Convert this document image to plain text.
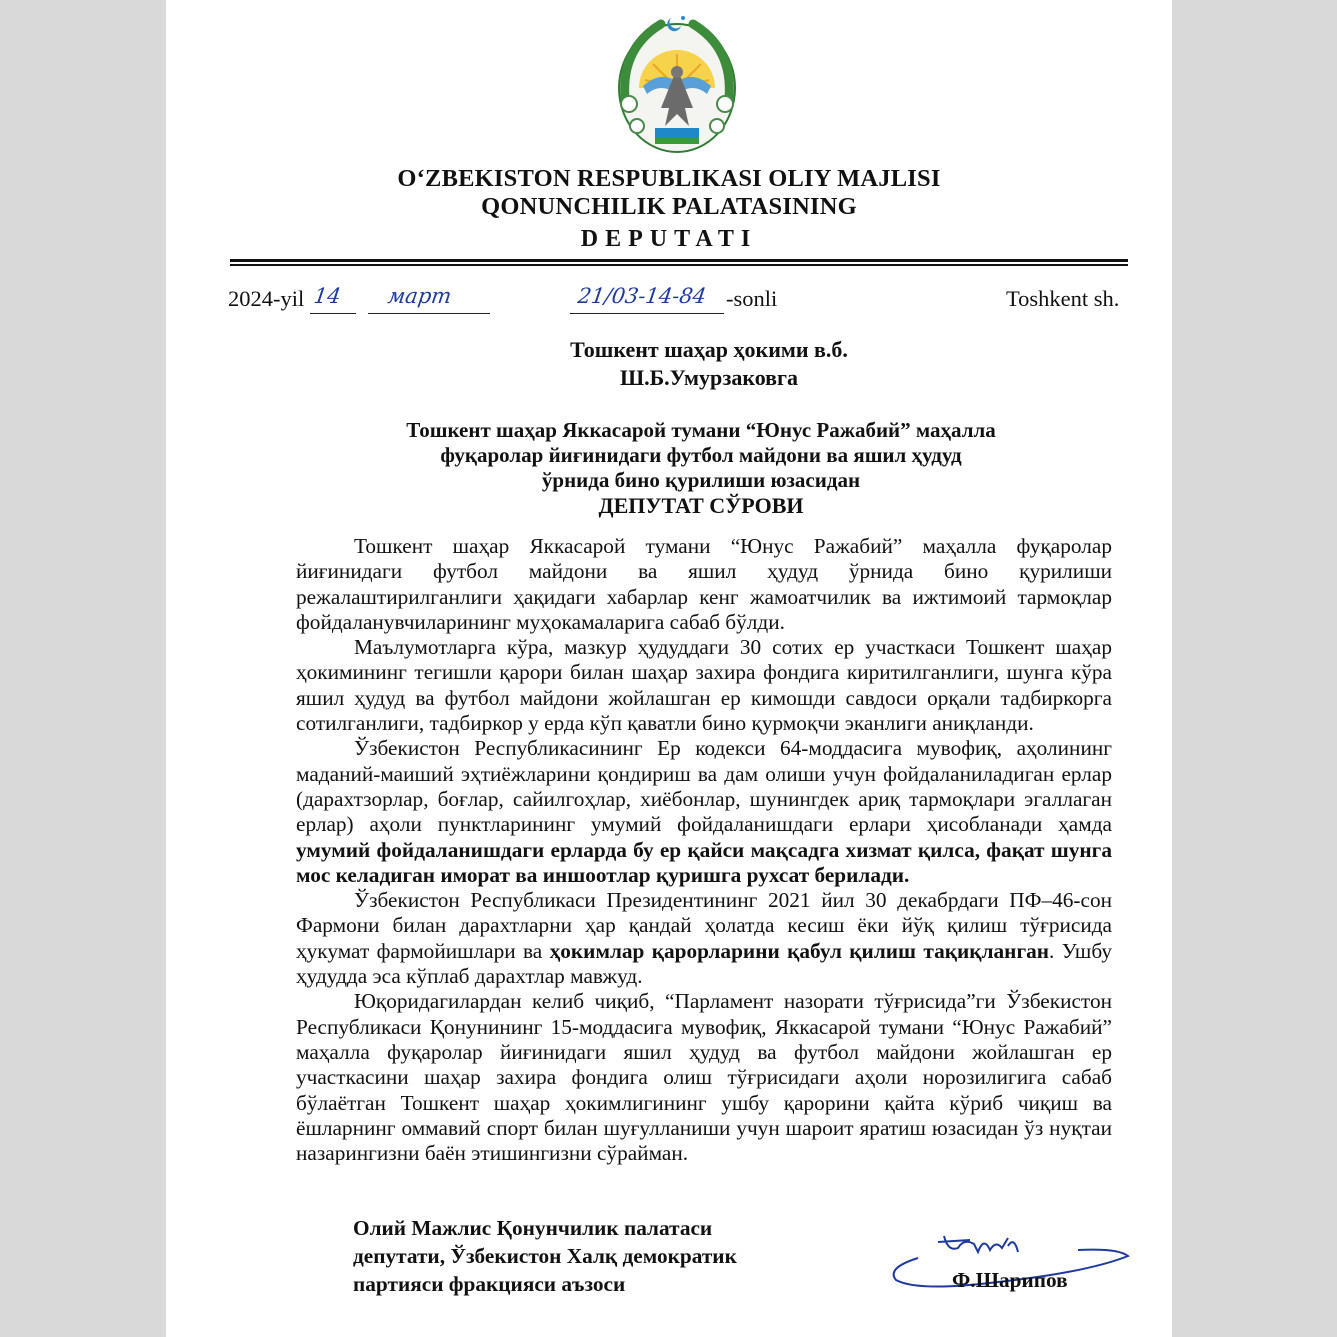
O‘ZBEKISTON RESPUBLIKASI OLIY MAJLISI
QONUNCHILIK PALATASINING
DEPUTATI
2024-yil 14 март	21/03-14-84 -sonli	Toshkent sh.
Тошкент шаҳар ҳокими в.б.
Ш.Б.Умурзаковга
Тошкент шаҳар Яккасарой тумани “Юнус Ражабий” маҳалла
фуқаролар йиғинидаги футбол майдони ва яшил ҳудуд
ўрнида бино қурилиши юзасидан
ДЕПУТАТ СЎРОВИ

Тошкент шаҳар Яккасарой тумани “Юнус Ражабий” маҳалла фуқаролар йиғинидаги футбол майдони ва яшил ҳудуд ўрнида бино қурилиши режалаштирилганлиги ҳақидаги хабарлар кенг жамоатчилик ва ижтимоий тармоқлар фойдаланувчиларининг муҳокамаларига сабаб бўлди.

Маълумотларга кўра, мазкур ҳудуддаги 30 сотих ер участкаси Тошкент шаҳар ҳокимининг тегишли қарори билан шаҳар захира фондига киритилганлиги, шунга кўра яшил ҳудуд ва футбол майдони жойлашган ер кимошди савдоси орқали тадбиркорга сотилганлиги, тадбиркор у ерда кўп қаватли бино қурмоқчи эканлиги аниқланди.

Ўзбекистон Республикасининг Ер кодекси 64-моддасига мувофиқ, аҳолининг маданий-маиший эҳтиёжларини қондириш ва дам олиши учун фойдаланиладиган ерлар (дарахтзорлар, боғлар, сайилгоҳлар, хиёбонлар, шунингдек ариқ тармоқлари эгаллаган ерлар) аҳоли пунктларининг умумий фойдаланишдаги ерлари ҳисобланади ҳамда умумий фойдаланишдаги ерларда бу ер қайси мақсадга хизмат қилса, фақат шунга мос келадиган иморат ва иншоотлар қуришга рухсат берилади.

Ўзбекистон Республикаси Президентининг 2021 йил 30 декабрдаги ПФ–46-сон Фармони билан дарахтларни ҳар қандай ҳолатда кесиш ёки йўқ қилиш тўғрисида ҳукумат фармойишлари ва ҳокимлар қарорларини қабул қилиш тақиқланган. Ушбу ҳудудда эса кўплаб дарахтлар мавжуд.

Юқоридагилардан келиб чиқиб, “Парламент назорати тўғрисида”ги Ўзбекистон Республикаси Қонунининг 15-моддасига мувофиқ, Яккасарой тумани “Юнус Ражабий” маҳалла фуқаролар йиғинидаги яшил ҳудуд ва футбол майдони жойлашган ер участкасини шаҳар захира фондига олиш тўғрисидаги аҳоли норозилигига сабаб бўлаётган Тошкент шаҳар ҳокимлигининг ушбу қарорини қайта кўриб чиқиш ва ёшларнинг оммавий спорт билан шуғулланиши учун шароит яратиш юзасидан ўз нуқтаи назарингизни баён этишингизни сўрайман.

Олий Мажлис Қонунчилик палатаси
депутати, Ўзбекистон Халқ демократик
партияси фракцияси аъзоси	Ф.Шарипов
